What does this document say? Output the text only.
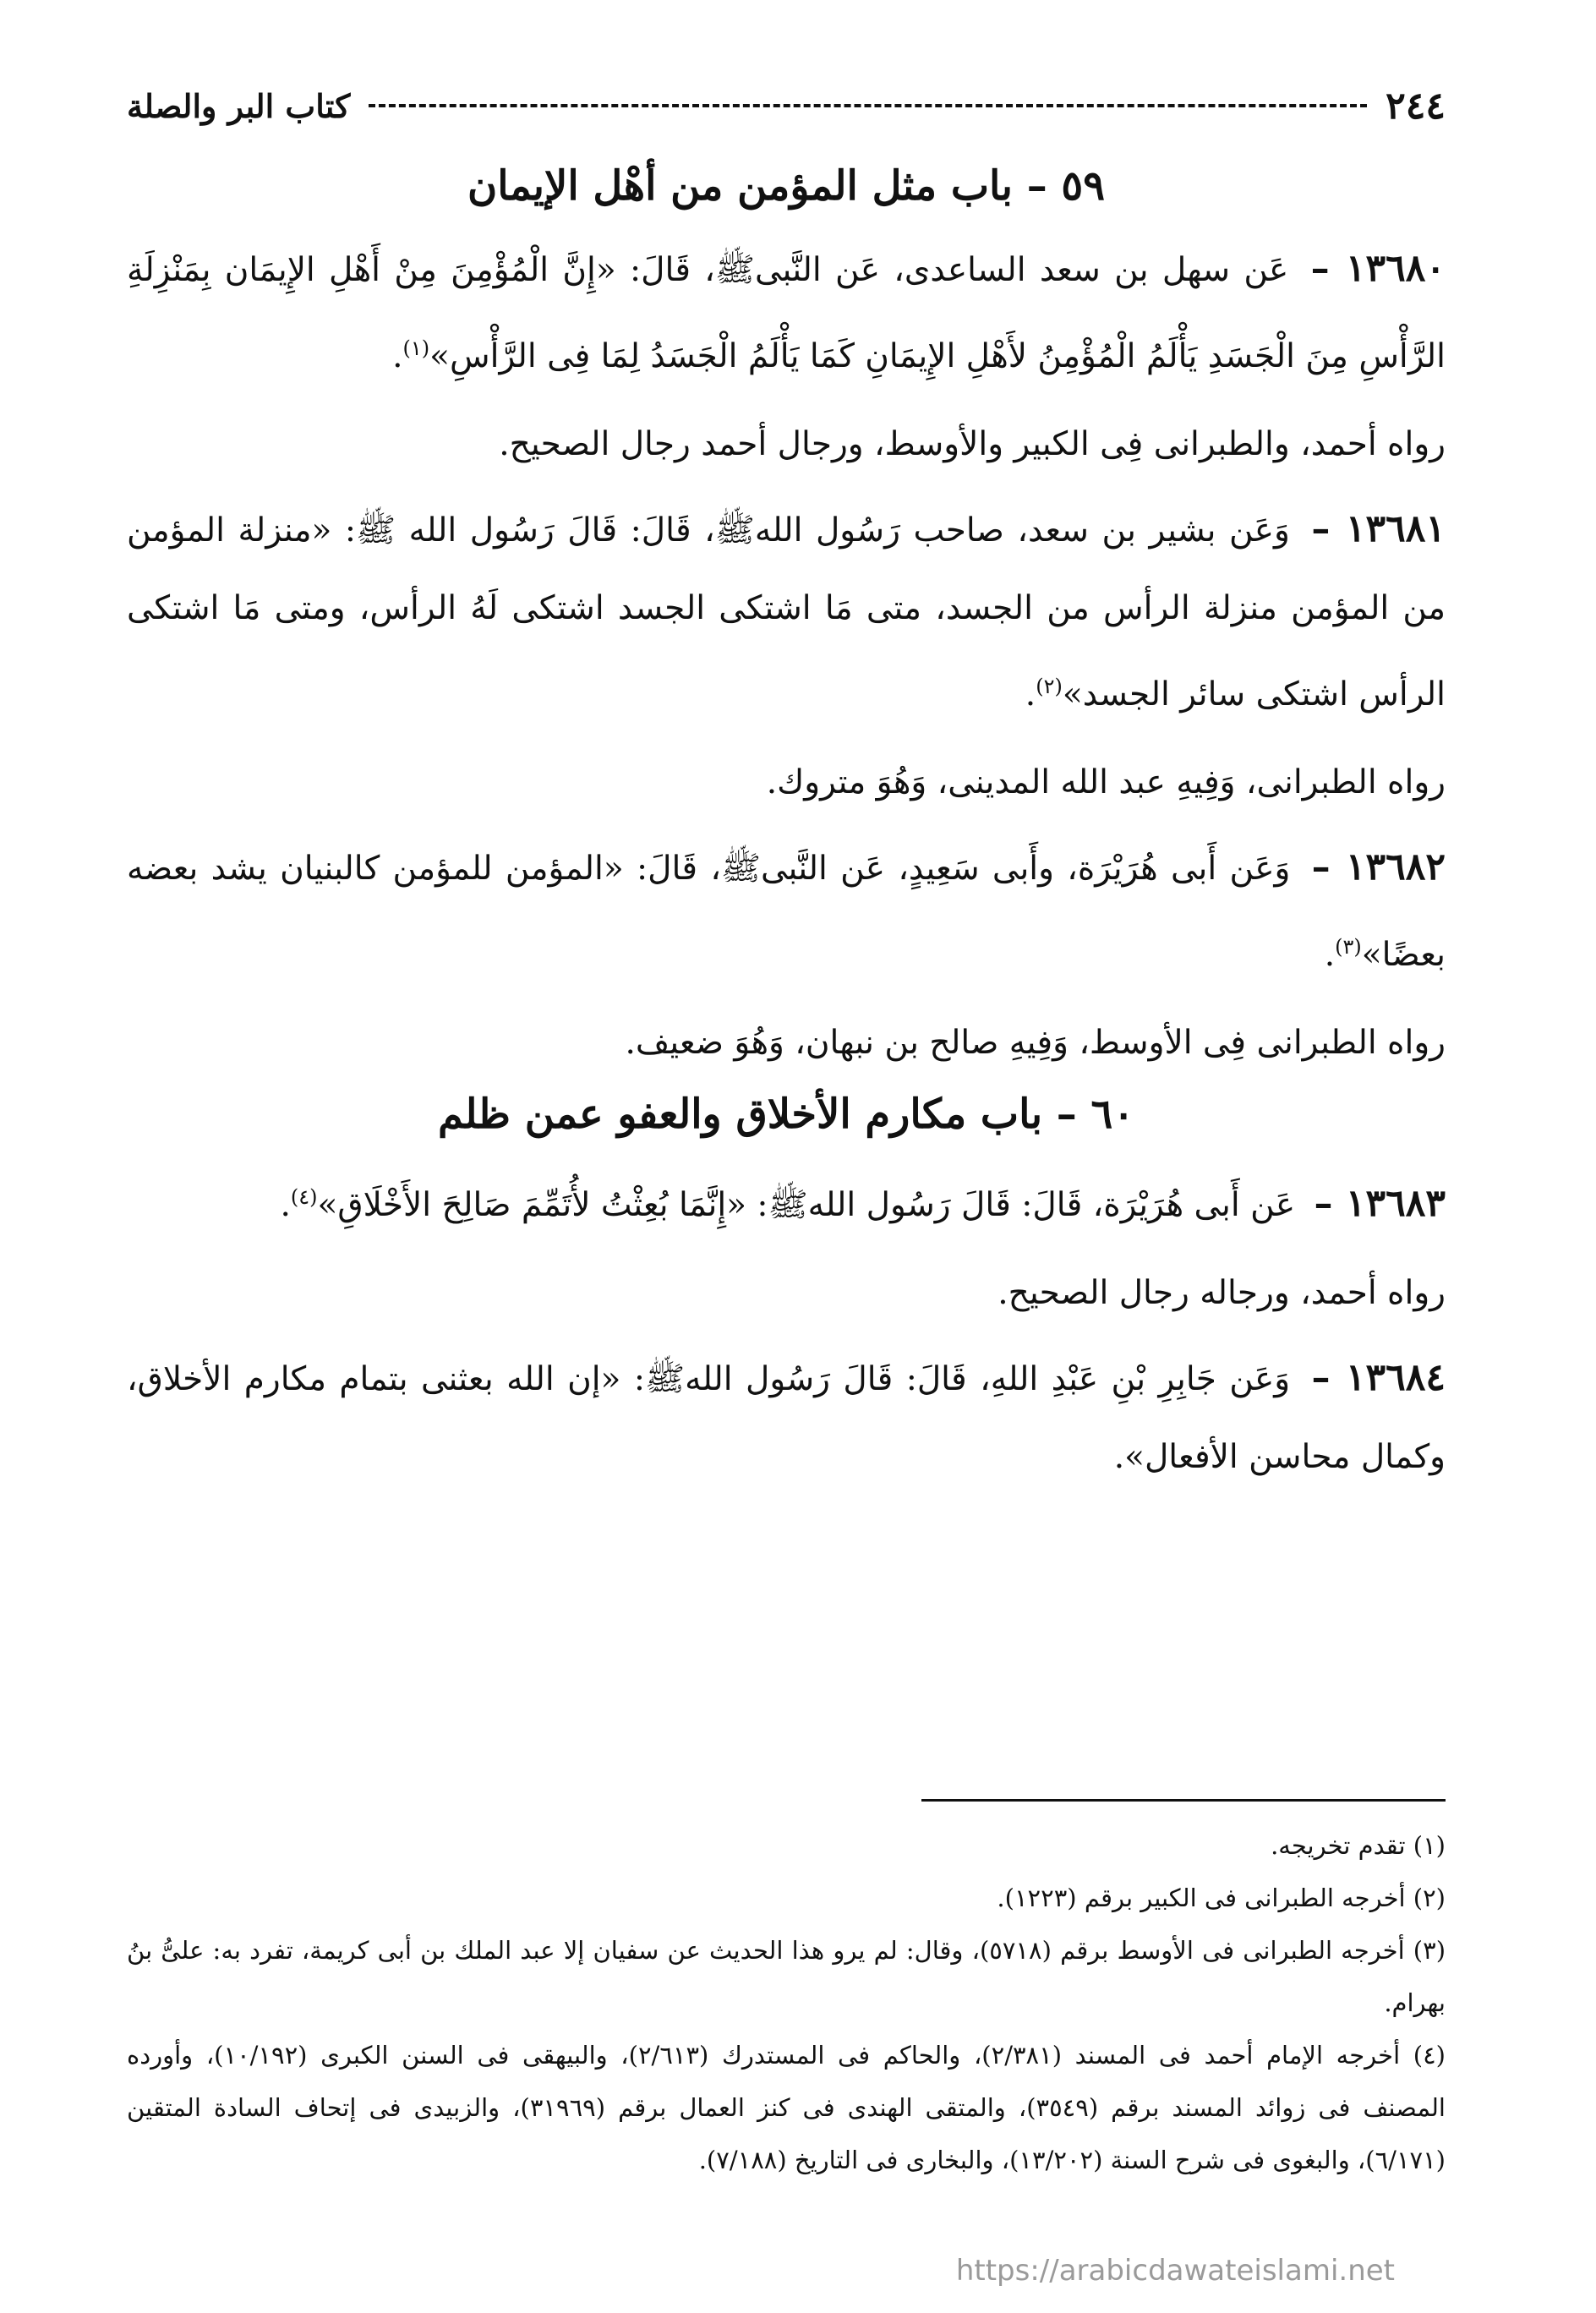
٢٤٤
كتاب البر والصلة
٥٩ – باب مثل المؤمن من أهْل الإيمان

١٣٦٨٠ – عَن سهل بن سعد الساعدى، عَن النَّبىﷺ، قَالَ: «إِنَّ الْمُؤْمِنَ مِنْ أَهْلِ الإِيمَان بِمَنْزِلَةِ الرَّأْسِ مِنَ الْجَسَدِ يَأْلَمُ الْمُؤْمِنُ لأَهْلِ الإِيمَانِ كَمَا يَأْلَمُ الْجَسَدُ لِمَا فِى الرَّأْسِ»$^{(١)}$.

رواه أحمد، والطبرانى فِى الكبير والأوسط، ورجال أحمد رجال الصحيح.

١٣٦٨١ – وَعَن بشير بن سعد، صاحب رَسُول اللهﷺ، قَالَ: قَالَ رَسُول الله ﷺ: «منزلة المؤمن من المؤمن منزلة الرأس من الجسد، متى مَا اشتكى الجسد اشتكى لَهُ الرأس، ومتى مَا اشتكى الرأس اشتكى سائر الجسد»$^{(٢)}$.

رواه الطبرانى، وَفِيهِ عبد الله المدينى، وَهُوَ متروك.

١٣٦٨٢ – وَعَن أَبى هُرَيْرَة، وأَبى سَعِيدٍ، عَن النَّبىﷺ، قَالَ: «المؤمن للمؤمن كالبنيان يشد بعضه بعضًا»$^{(٣)}$.

رواه الطبرانى فِى الأوسط، وَفِيهِ صالح بن نبهان، وَهُوَ ضعيف.

٦٠ – باب مكارم الأخلاق والعفو عمن ظلم

١٣٦٨٣ – عَن أَبى هُرَيْرَة، قَالَ: قَالَ رَسُول اللهﷺ: «إِنَّمَا بُعِثْتُ لأُتَمِّمَ صَالِحَ الأَخْلَاقِ»$^{(٤)}$.

رواه أحمد، ورجاله رجال الصحيح.

١٣٦٨٤ – وَعَن جَابِرِ بْنِ عَبْدِ اللهِ، قَالَ: قَالَ رَسُول اللهﷺ: «إن الله بعثنى بتمام مكارم الأخلاق، وكمال محاسن الأفعال».

(١) تقدم تخريجه.

(٢) أخرجه الطبرانى فى الكبير برقم (١٢٢٣).

(٣) أخرجه الطبرانى فى الأوسط برقم (٥٧١٨)، وقال: لم يرو هذا الحديث عن سفيان إلا عبد الملك بن أبى كريمة، تفرد به: علىُّ بنُ بهرام.

(٤) أخرجه الإمام أحمد فى المسند (٢/٣٨١)، والحاكم فى المستدرك (٢/٦١٣)، والبيهقى فى السنن الكبرى (١٠/١٩٢)، وأورده المصنف فى زوائد المسند برقم (٣٥٤٩)، والمتقى الهندى فى كنز العمال برقم (٣١٩٦٩)، والزبيدى فى إتحاف السادة المتقين (٦/١٧١)، والبغوى فى شرح السنة (١٣/٢٠٢)، والبخارى فى التاريخ (٧/١٨٨).

https://arabicdawateislami.net
